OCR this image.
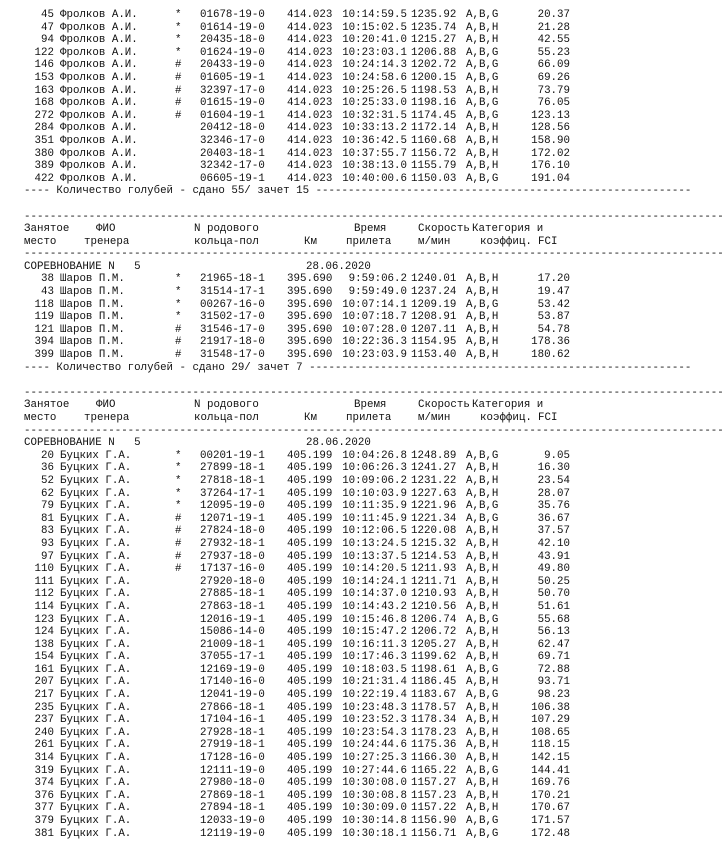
45 Фролков А.И.	* 01678-19-0 414.023 10:14:59.5 1235.92 A,B,G	20.37
47 Фролков А.И.	* 01614-19-0 414.023 10:15:02.5 1235.74 A,B,H	21.28
94 Фролков А.И.	* 20435-18-0 414.023 10:20:41.0 1215.27 A,B,H	42.55
122 Фролков А.И.	* 01624-19-0 414.023 10:23:03.1 1206.88 A,B,G	55.23
146 Фролков А.И.	# 20433-19-0 414.023 10:24:14.3 1202.72 A,B,G	66.09
153 Фролков А.И.	# 01605-19-1 414.023 10:24:58.6 1200.15 A,B,G	69.26
163 Фролков А.И.	# 32397-17-0 414.023 10:25:26.5 1198.53 A,B,H	73.79
168 Фролков А.И.	# 01615-19-0 414.023 10:25:33.0 1198.16 A,B,G	76.05
272 Фролков А.И.	# 01604-19-1 414.023 10:32:31.5 1174.45 A,B,G	123.13
284 Фролков А.И.	20412-18-0 414.023 10:33:13.2 1172.14 A,B,H	128.56
351 Фролков А.И.	32346-17-0 414.023 10:36:42.5 1160.68 A,B,H	158.90
380 Фролков А.И.	20403-18-1 414.023 10:37:55.7 1156.72 A,B,H	172.02
389 Фролков А.И.	32342-17-0 414.023 10:38:13.0 1155.79 A,B,H	176.10
422 Фролков А.И.	06605-19-1 414.023 10:40:00.6 1150.03 A,B,G	191.04
---- Количество голубей - сдано 55/ зачет 15 ----------------------------------------------------------
------------------------------------------------------------------------------------------------------------
Занятое ФИО	N родового	Время	Скорость Категория и
место	тренера	кольца-пол	Км	прилета м/мин	коэффиц. FCI
------------------------------------------------------------------------------------------------------------
СОРЕВНОВАНИЕ N   5	28.06.2020
38 Шаров П.М.	* 21965-18-1 395.690	9:59:06.2 1240.01 A,B,H	17.20
43 Шаров П.М.	* 31514-17-1 395.690	9:59:49.0 1237.24 A,B,H	19.47
118 Шаров П.М.	* 00267-16-0 395.690 10:07:14.1 1209.19 A,B,G	53.42
119 Шаров П.М.	* 31502-17-0 395.690 10:07:18.7 1208.91 A,B,H	53.87
121 Шаров П.М.	# 31546-17-0 395.690 10:07:28.0 1207.11 A,B,H	54.78
394 Шаров П.М.	# 21917-18-0 395.690 10:22:36.3 1154.95 A,B,H	178.36
399 Шаров П.М.	# 31548-17-0 395.690 10:23:03.9 1153.40 A,B,H	180.62
---- Количество голубей - сдано 29/ зачет 7 -----------------------------------------------------------
------------------------------------------------------------------------------------------------------------
Занятое ФИО	N родового	Время	Скорость Категория и
место	тренера	кольца-пол	Км	прилета м/мин	коэффиц. FCI
------------------------------------------------------------------------------------------------------------
СОРЕВНОВАНИЕ N   5	28.06.2020
20 Буцких Г.А.	* 00201-19-1 405.199 10:04:26.8 1248.89 A,B,G	9.05
36 Буцких Г.А.	* 27899-18-1 405.199 10:06:26.3 1241.27 A,B,H	16.30
52 Буцких Г.А.	* 27818-18-1 405.199 10:09:06.2 1231.22 A,B,H	23.54
62 Буцких Г.А.	* 37264-17-1 405.199 10:10:03.9 1227.63 A,B,H	28.07
79 Буцких Г.А.	* 12095-19-0 405.199 10:11:35.9 1221.96 A,B,G	35.76
81 Буцких Г.А.	# 12071-19-1 405.199 10:11:45.9 1221.34 A,B,G	36.67
83 Буцких Г.А.	# 27824-18-0 405.199 10:12:06.5 1220.08 A,B,H	37.57
93 Буцких Г.А.	# 27932-18-1 405.199 10:13:24.5 1215.32 A,B,H	42.10
97 Буцких Г.А.	# 27937-18-0 405.199 10:13:37.5 1214.53 A,B,H	43.91
110 Буцких Г.А.	# 17137-16-0 405.199 10:14:20.5 1211.93 A,B,H	49.80
111 Буцких Г.А.	27920-18-0 405.199 10:14:24.1 1211.71 A,B,H	50.25
112 Буцких Г.А.	27885-18-1 405.199 10:14:37.0 1210.93 A,B,H	50.70
114 Буцких Г.А.	27863-18-1 405.199 10:14:43.2 1210.56 A,B,H	51.61
123 Буцких Г.А.	12016-19-1 405.199 10:15:46.8 1206.74 A,B,G	55.68
124 Буцких Г.А.	15086-14-0 405.199 10:15:47.2 1206.72 A,B,H	56.13
138 Буцких Г.А.	21009-18-1 405.199 10:16:11.3 1205.27 A,B,H	62.47
154 Буцких Г.А.	37055-17-1 405.199 10:17:46.3 1199.62 A,B,H	69.71
161 Буцких Г.А.	12169-19-0 405.199 10:18:03.5 1198.61 A,B,G	72.88
207 Буцких Г.А.	17140-16-0 405.199 10:21:31.4 1186.45 A,B,H	93.71
217 Буцких Г.А.	12041-19-0 405.199 10:22:19.4 1183.67 A,B,G	98.23
235 Буцких Г.А.	27866-18-1 405.199 10:23:48.3 1178.57 A,B,H	106.38
237 Буцких Г.А.	17104-16-1 405.199 10:23:52.3 1178.34 A,B,H	107.29
240 Буцких Г.А.	27928-18-1 405.199 10:23:54.3 1178.23 A,B,H	108.65
261 Буцких Г.А.	27919-18-1 405.199 10:24:44.6 1175.36 A,B,H	118.15
314 Буцких Г.А.	17128-16-0 405.199 10:27:25.3 1166.30 A,B,H	142.15
319 Буцких Г.А.	12111-19-0 405.199 10:27:44.6 1165.22 A,B,G	144.41
374 Буцких Г.А.	27980-18-0 405.199 10:30:08.0 1157.27 A,B,H	169.76
376 Буцких Г.А.	27869-18-1 405.199 10:30:08.8 1157.23 A,B,H	170.21
377 Буцких Г.А.	27894-18-1 405.199 10:30:09.0 1157.22 A,B,H	170.67
379 Буцких Г.А.	12033-19-0 405.199 10:30:14.8 1156.90 A,B,G	171.57
381 Буцких Г.А.	12119-19-0 405.199 10:30:18.1 1156.71 A,B,G	172.48
